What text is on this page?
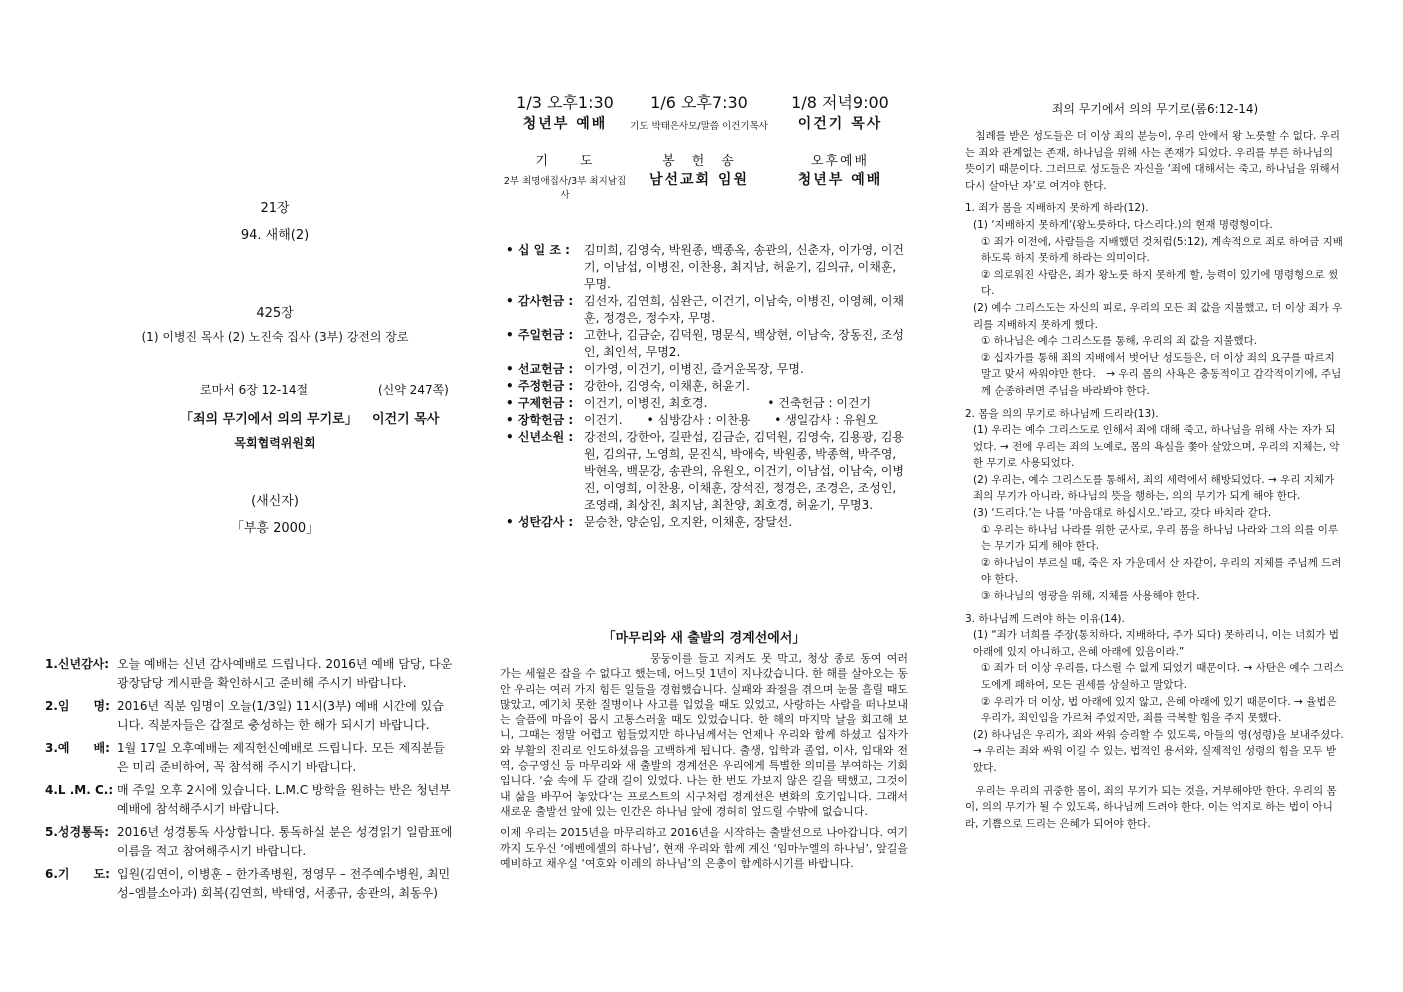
21장
94. 새해(2)
425장
(1) 이병진 목사 (2) 노진숙 집사 (3부) 강전의 장로
로마서 6장 12-14절	(신약 247쪽)
「죄의 무기에서 의의 무기로」 이건기 목사
목회협력위원회
(새신자)
「부흥 2000」
1.신년감사: 오늘 예배는 신년 감사예배로 드립니다. 2016년 예배 담당, 다운광장담당 게시판을 확인하시고 준비해 주시기 바랍니다.
2.임　　명: 2016년 직분 임명이 오늘(1/3일) 11시(3부) 예배 시간에 있습니다. 직분자들은 갑절로 충성하는 한 해가 되시기 바랍니다.
3.예　　배: 1월 17일 오후예배는 제직헌신예배로 드립니다. 모든 제직분들은 미리 준비하여, 꼭 참석해 주시기 바랍니다.
4.L .M. C.: 매 주일 오후 2시에 있습니다. L.M.C 방학을 원하는 반은 청년부 예배에 참석해주시기 바랍니다.
5.성경통독: 2016년 성경통독 사상합니다. 통독하실 분은 성경읽기 일람표에 이름을 적고 참여해주시기 바랍니다.
6.기　　도: 입원(김연이, 이병훈 – 한가족병원, 정영무 – 전주예수병원, 최민성–엠블소아과) 회복(김연희, 박태영, 서종규, 송관의, 최동우)
1/3 오후1:30
청년부 예배
1/6 오후7:30
기도 박태은사모/말씀 이건기목사
1/8 저녁9:00
이건기 목사
기　　도
2부 최명애집사/3부 최지남집사
봉　헌　송
남선교회 임원
오후예배
청년부 예배
• 십 일 조 :	김미희, 김영숙, 박원종, 백종옥, 송관의, 신춘자, 이가영, 이건기, 이남섭, 이병진, 이찬용, 최지남, 허윤기, 김의규, 이채훈, 무명.
• 감사헌금 : 김선자, 김연희, 심완근, 이건기, 이남숙, 이병진, 이영혜, 이채훈, 정경은, 정수자, 무명.
• 주일헌금 : 고한나, 김금순, 김덕원, 명문식, 백상현, 이남숙, 장동진, 조성인, 최인석, 무명2.
• 선교헌금 : 이가영, 이건기, 이병진, 즐거운목장, 무명.
• 주정헌금 : 강한아, 김영숙, 이채훈, 허윤기.
• 구제헌금 : 이건기, 이병진, 최호경.　　　　　• 건축헌금 : 이건기
• 장학헌금 : 이건기.　　• 심방감사 : 이찬용　　• 생일감사 : 유원오
• 신년소원 : 강전의, 강한아, 길판섭, 김금순, 김덕원, 김영숙, 김용광, 김용원, 김의규, 노영희, 문진식, 박애숙, 박원종, 박종혁, 박주영, 박현옥, 백문강, 송관의, 유원오, 이건기, 이남섭, 이남숙, 이병진, 이영희, 이찬용, 이채훈, 장석진, 정경은, 조경은, 조성인, 조영래, 최상진, 최지남, 최찬양, 최호경, 허윤기, 무명3.
• 성탄감사 : 문승찬, 양순임, 오지완, 이채훈, 장달선.
「마무리와 새 출발의 경계선에서」

뭉둥이를 들고 지켜도 못 막고, 청상 종로 동여 여러 가는 세월은 잡을 수 없다고 했는데, 어느덧 1년이 지나갔습니다. 한 해를 살아오는 동안 우리는 여러 가지 힘든 일들을 경험했습니다. 실패와 좌절을 겪으며 눈물 흘릴 때도 많았고, 예기치 못한 질병이나 사고를 입었을 때도 있었고, 사랑하는 사람을 떠나보내는 슬픔에 마음이 몹시 고통스러울 때도 있었습니다. 한 해의 마지막 날을 회고해 보니, 그때는 정말 어렵고 힘들었지만 하나님께서는 언제나 우리와 함께 하셨고 십자가와 부활의 진리로 인도하셨음을 고백하게 됩니다. 출생, 입학과 졸업, 이사, 입대와 전역, 승구영신 등 마무리와 새 출발의 경계선은 우리에게 특별한 의미를 부여하는 기회입니다. ‘숲 속에 두 갈래 길이 있었다. 나는 한 번도 가보지 않은 길을 택했고, 그것이 내 삶을 바꾸어 놓았다’는 프로스트의 시구처럼 경계선은 변화의 호기입니다. 그래서 새로운 출발선 앞에 있는 인간은 하나님 앞에 경허히 엎드릴 수밖에 없습니다.

이제 우리는 2015년을 마무리하고 2016년을 시작하는 출발선으로 나아갑니다. 여기까지 도우신 ‘에벤에셀의 하나님’, 현재 우리와 함께 계신 ‘임마누엘의 하나님’, 앞길을 예비하고 채우실 ‘여호와 이레의 하나님’의 은총이 함께하시기를 바랍니다.

죄의 무기에서 의의 무기로(롬6:12-14)

　침례를 받은 성도들은 더 이상 죄의 분능이, 우리 안에서 왕 노릇할 수 없다. 우리는 죄와 관계없는 존재, 하나님을 위해 사는 존재가 되었다. 우리를 부른 하나님의 뜻이기 때문이다. 그러므로 성도들은 자신을 ‘죄에 대해서는 죽고, 하나님을 위해서 다시 살아난 자’로 여겨야 한다.

1. 죄가 몸을 지배하지 못하게 하라(12).

(1) ‘지배하지 못하게’(왕노릇하다, 다스리다.)의 현재 명령형이다.

① 죄가 이전에, 사람들을 지배했던 것처럼(5:12), 계속적으로 죄로 하여금 지배하도록 하지 못하게 하라는 의미이다.

② 의로워진 사람은, 죄가 왕노릇 하지 못하게 할, 능력이 있기에 명령형으로 썼다.

(2) 예수 그리스도는 자신의 피로, 우리의 모든 죄 값을 지불했고, 더 이상 죄가 우리를 지배하지 못하게 했다.

① 하나님은 예수 그리스도를 통해, 우리의 죄 값을 지불했다.

② 십자가를 통해 죄의 지배에서 벗어난 성도들은, 더 이상 죄의 요구를 따르지 말고 맞서 싸워야만 한다.　→ 우리 몸의 사욕은 충동적이고 감각적이기에, 주님께 순종하려면 주님을 바라봐야 한다.

2. 몸을 의의 무기로 하나님께 드리라(13).

(1) 우리는 예수 그리스도로 인해서 죄에 대해 죽고, 하나님을 위해 사는 자가 되었다. → 전에 우리는 죄의 노예로, 몸의 욕심을 쫓아 살았으며, 우리의 지체는, 악한 무기로 사용되었다.

(2) 우리는, 예수 그리스도를 통해서, 죄의 세력에서 해방되었다. → 우리 지체가 죄의 무기가 아니라, 하나님의 뜻을 행하는, 의의 무기가 되게 해야 한다.

(3) ‘드리다.’는 나를 ‘마음대로 하십시오.’라고, 갖다 바치라 같다.

① 우리는 하나님 나라를 위한 군사로, 우리 몸을 하나님 나라와 그의 의를 이루는 무기가 되게 해야 한다.

② 하나님이 부르실 때, 죽은 자 가운데서 산 자같이, 우리의 지체를 주님께 드려야 한다.

③ 하나님의 영광을 위해, 지체를 사용해야 한다.

3. 하나님께 드려야 하는 이유(14).

(1) “죄가 너희를 주장(통치하다, 지배하다, 주가 되다) 못하리니, 이는 너희가 법 아래에 있지 아니하고, 은혜 아래에 있음이라.”

① 죄가 더 이상 우리를, 다스릴 수 없게 되었기 때문이다. → 사탄은 예수 그리스도에게 패하여, 모든 권세를 상실하고 말았다.

② 우리가 더 이상, 법 아래에 있지 않고, 은혜 아래에 있기 때문이다. → 율법은 우리가, 죄인임을 가르쳐 주었지만, 죄를 극복할 힘을 주지 못했다.

(2) 하나님은 우리가, 죄와 싸워 승리할 수 있도록, 아들의 영(성령)을 보내주셨다.　→ 우리는 죄와 싸워 이길 수 있는, 법적인 용서와, 실제적인 성령의 힘을 모두 받았다.

　우리는 우리의 귀중한 몸이, 죄의 무기가 되는 것을, 거부해야만 한다. 우리의 몸이, 의의 무기가 될 수 있도록, 하나님께 드려야 한다. 이는 억지로 하는 법이 아니라, 기쁨으로 드리는 은혜가 되어야 한다.
